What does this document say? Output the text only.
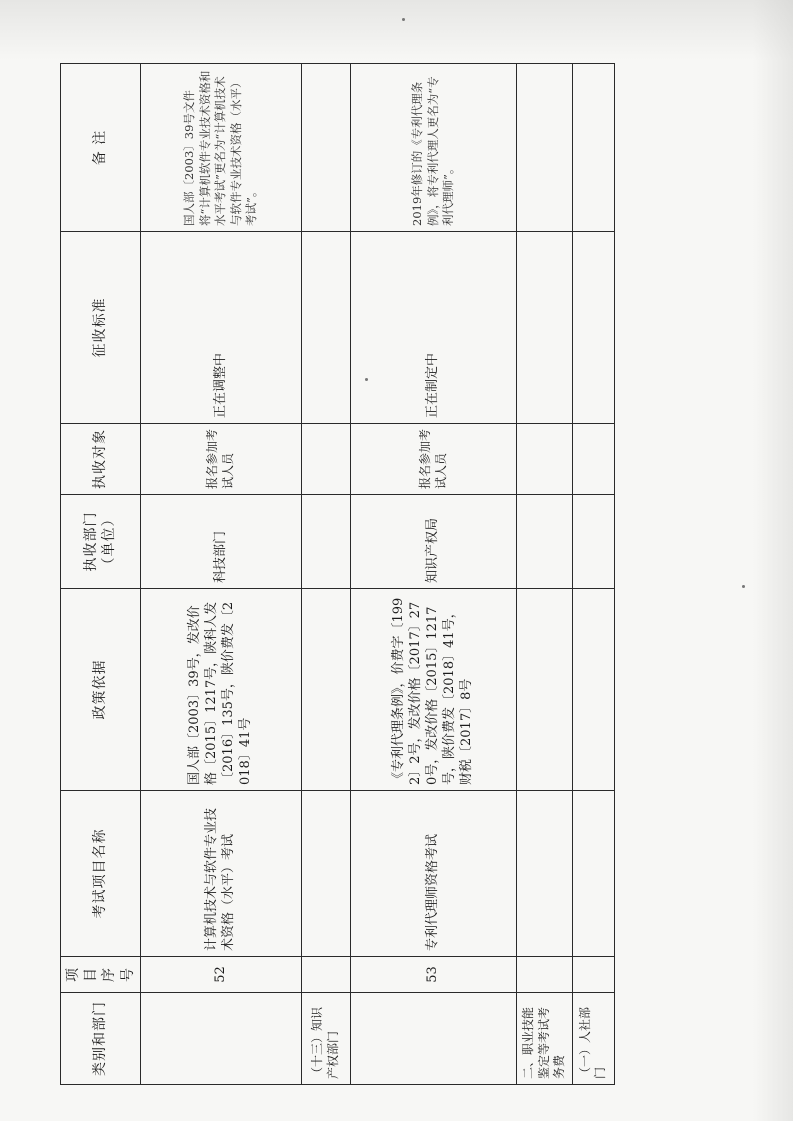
类别和部门	项目序号	考试项目名称	政策依据	执收部门（单位）	执收对象	征收标准	备 注
	52	计算机技术与软件专业技术资格（水平）考试	国人部〔2003〕39号，发改价格〔2015〕1217号，陕科人发〔2016〕135号，陕价费发〔2018〕41号	科技部门	报名参加考试人员	正在调整中	国人部〔2003〕39号文件将“计算机软件专业技术资格和水平考试”更名为“计算机技术与软件专业技术资格（水平）考试”。
（十三）知识产权部门							
	53	专利代理师资格考试	《专利代理条例》，价费字〔1992〕2号，发改价格〔2017〕270号，发改价格〔2015〕1217号，陕价费发〔2018〕41号，财税〔2017〕8号	知识产权局	报名参加考试人员	正在制定中	2019年修订的《专利代理条例》，将专利代理人更名为“专利代理师”。
二、职业技能鉴定等考试考务费							
（一）人社部门							
